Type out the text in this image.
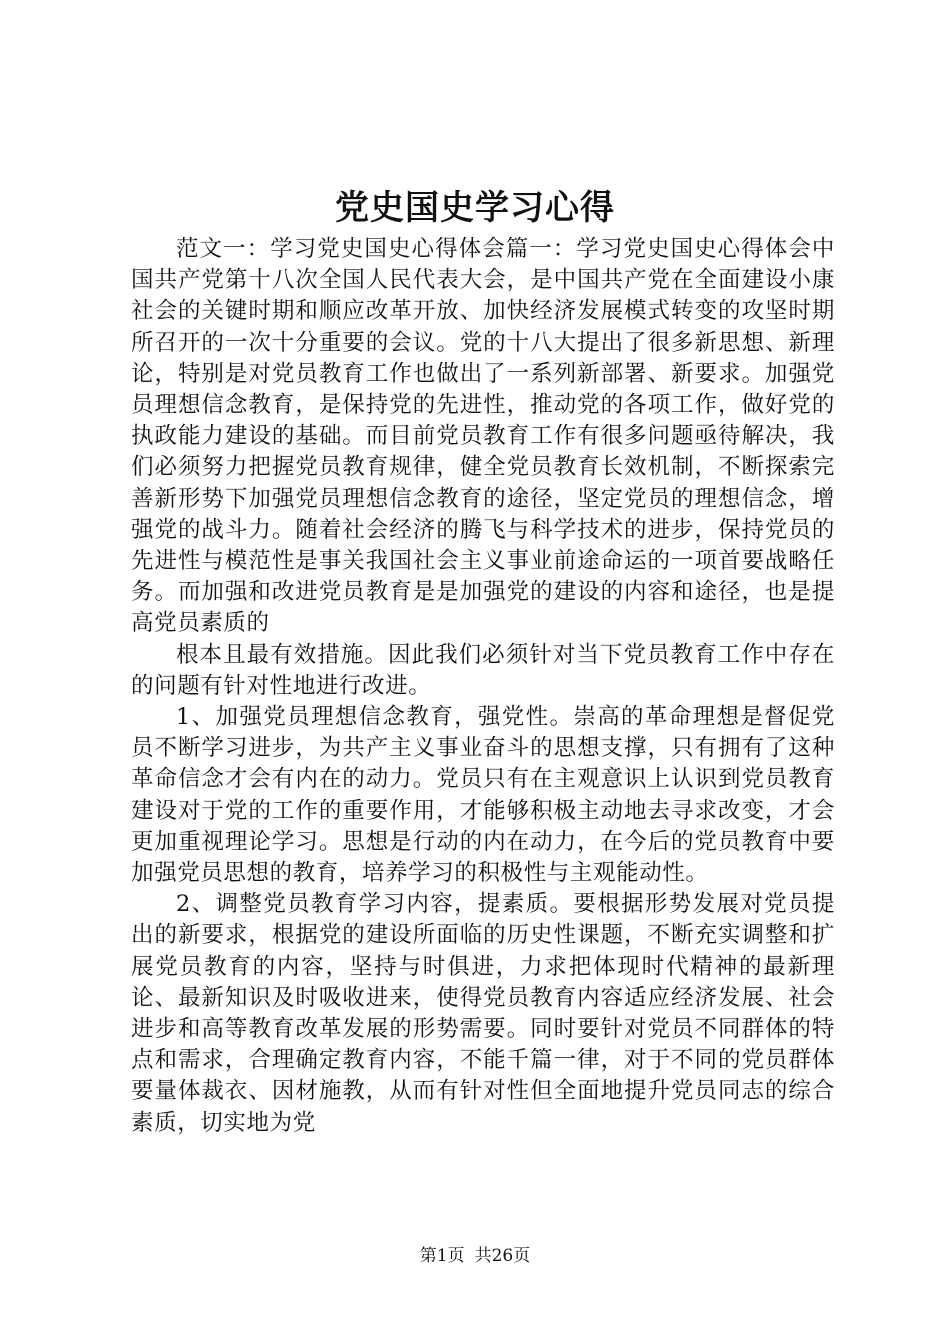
党史国史学习心得

范文一：学习党史国史心得体会篇一：学习党史国史心得体会中国共产党第十八次全国人民代表大会，是中国共产党在全面建设小康社会的关键时期和顺应改革开放、加快经济发展模式转变的攻坚时期所召开的一次十分重要的会议。党的十八大提出了很多新思想、新理论，特别是对党员教育工作也做出了一系列新部署、新要求。加强党员理想信念教育，是保持党的先进性，推动党的各项工作，做好党的执政能力建设的基础。而目前党员教育工作有很多问题亟待解决，我们必须努力把握党员教育规律，健全党员教育长效机制，不断探索完善新形势下加强党员理想信念教育的途径，坚定党员的理想信念，增强党的战斗力。随着社会经济的腾飞与科学技术的进步，保持党员的先进性与模范性是事关我国社会主义事业前途命运的一项首要战略任务。而加强和改进党员教育是是加强党的建设的内容和途径，也是提高党员素质的

根本且最有效措施。因此我们必须针对当下党员教育工作中存在的问题有针对性地进行改进。

1、加强党员理想信念教育，强党性。崇高的革命理想是督促党员不断学习进步，为共产主义事业奋斗的思想支撑，只有拥有了这种革命信念才会有内在的动力。党员只有在主观意识上认识到党员教育建设对于党的工作的重要作用，才能够积极主动地去寻求改变，才会更加重视理论学习。思想是行动的内在动力，在今后的党员教育中要加强党员思想的教育，培养学习的积极性与主观能动性。

2、调整党员教育学习内容，提素质。要根据形势发展对党员提出的新要求，根据党的建设所面临的历史性课题，不断充实调整和扩展党员教育的内容，坚持与时俱进，力求把体现时代精神的最新理论、最新知识及时吸收进来，使得党员教育内容适应经济发展、社会进步和高等教育改革发展的形势需要。同时要针对党员不同群体的特点和需求，合理确定教育内容，不能千篇一律，对于不同的党员群体要量体裁衣、因材施教，从而有针对性但全面地提升党员同志的综合素质，切实地为党

第1页 共26页
